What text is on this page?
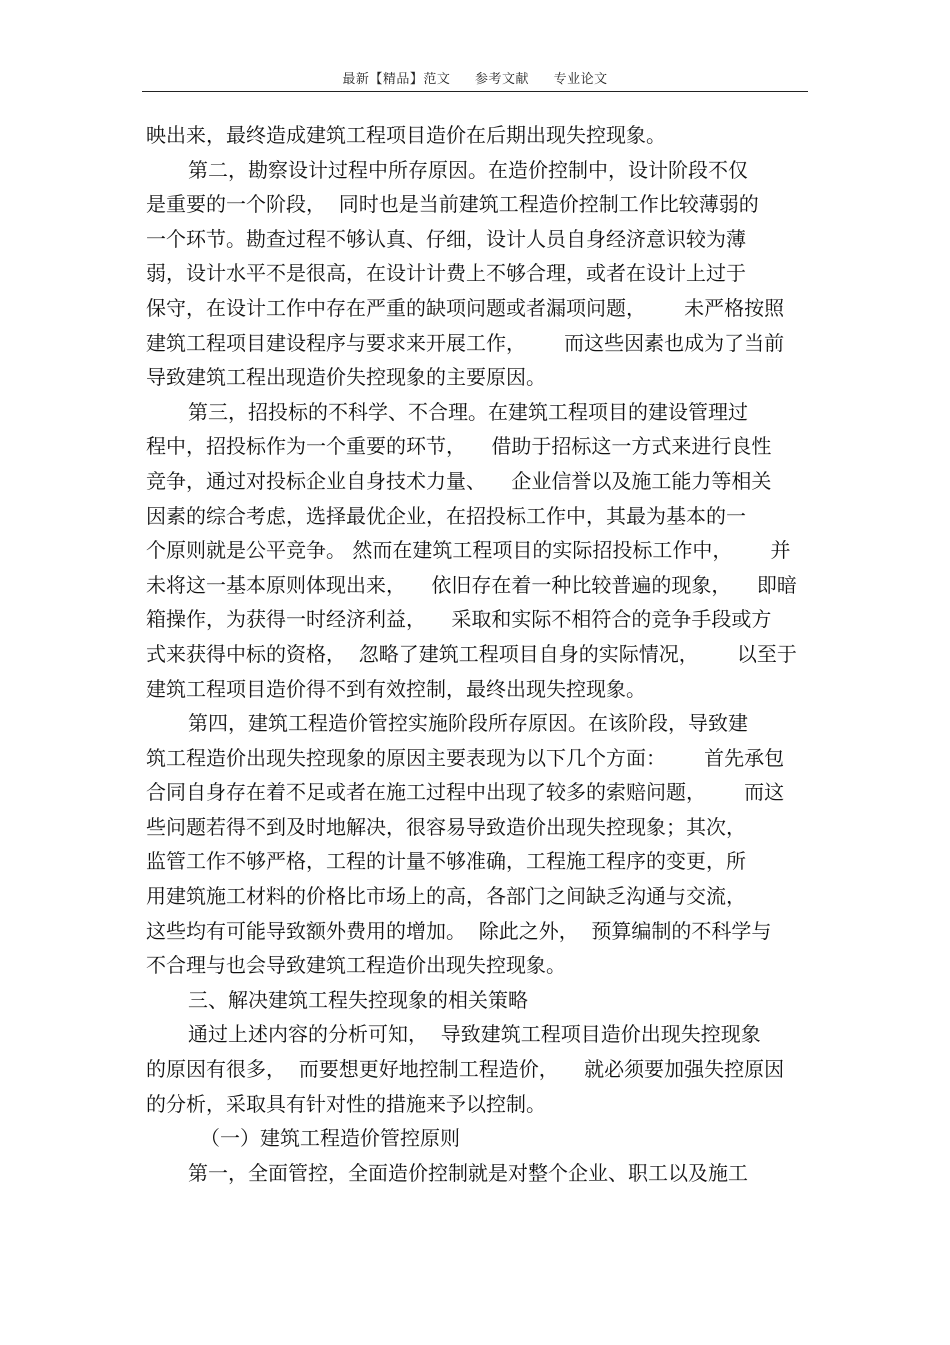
最新【精品】范文 参考文献 专业论文
映出来，最终造成建筑工程项目造价在后期出现失控现象。
第二，勘察设计过程中所存原因。在造价控制中，设计阶段不仅
是重要的一个阶段，  同时也是当前建筑工程造价控制工作比较薄弱的
一个环节。勘查过程不够认真、仔细，设计人员自身经济意识较为薄
弱，设计水平不是很高，在设计计费上不够合理，或者在设计上过于
保守，在设计工作中存在严重的缺项问题或者漏项问题，      未严格按照
建筑工程项目建设程序与要求来开展工作，      而这些因素也成为了当前
导致建筑工程出现造价失控现象的主要原因。
第三，招投标的不科学、不合理。在建筑工程项目的建设管理过
程中，招投标作为一个重要的环节，    借助于招标这一方式来进行良性
竞争，通过对投标企业自身技术力量、    企业信誉以及施工能力等相关
因素的综合考虑，选择最优企业，在招投标工作中，其最为基本的一
个原则就是公平竞争。 然而在建筑工程项目的实际招投标工作中，      并
未将这一基本原则体现出来，    依旧存在着一种比较普遍的现象，    即暗
箱操作，为获得一时经济利益，    采取和实际不相符合的竞争手段或方
式来获得中标的资格，  忽略了建筑工程项目自身的实际情况，      以至于
建筑工程项目造价得不到有效控制，最终出现失控现象。
第四，建筑工程造价管控实施阶段所存原因。在该阶段，导致建
筑工程造价出现失控现象的原因主要表现为以下几个方面：      首先承包
合同自身存在着不足或者在施工过程中出现了较多的索赔问题，      而这
些问题若得不到及时地解决，很容易导致造价出现失控现象；其次，
监管工作不够严格，工程的计量不够准确，工程施工程序的变更，所
用建筑施工材料的价格比市场上的高，各部门之间缺乏沟通与交流，
这些均有可能导致额外费用的增加。  除此之外，  预算编制的不科学与
不合理与也会导致建筑工程造价出现失控现象。
三、解决建筑工程失控现象的相关策略
通过上述内容的分析可知，  导致建筑工程项目造价出现失控现象
的原因有很多，  而要想更好地控制工程造价，    就必须要加强失控原因
的分析，采取具有针对性的措施来予以控制。
（一）建筑工程造价管控原则
第一，全面管控，全面造价控制就是对整个企业、职工以及施工
